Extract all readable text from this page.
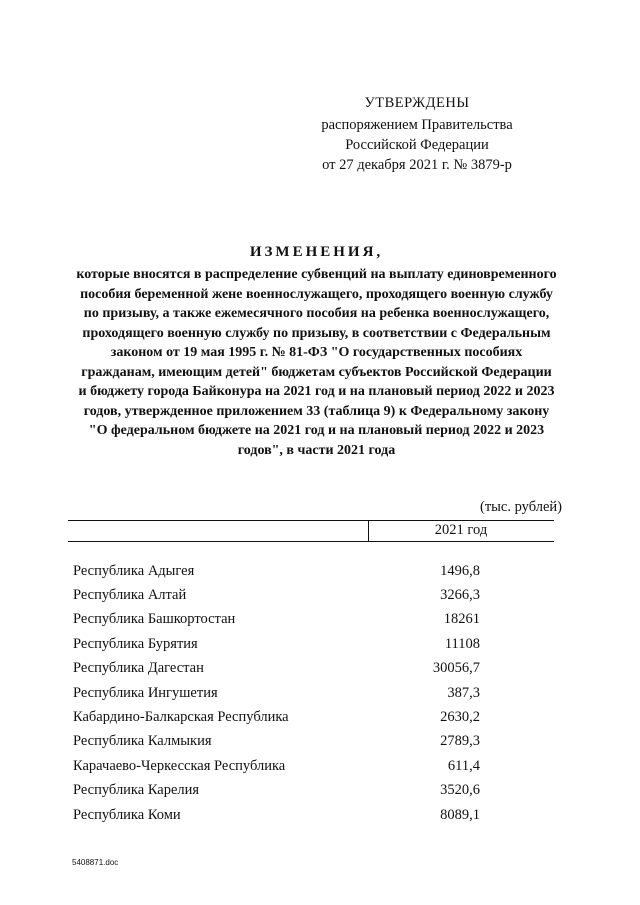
УТВЕРЖДЕНЫ
распоряжением Правительства
Российской Федерации
от 27 декабря 2021 г. № 3879-р
ИЗМЕНЕНИЯ,
которые вносятся в распределение субвенций на выплату единовременного пособия беременной жене военнослужащего, проходящего военную службу по призыву, а также ежемесячного пособия на ребенка военнослужащего, проходящего военную службу по призыву, в соответствии с Федеральным законом от 19 мая 1995 г. № 81-ФЗ "О государственных пособиях гражданам, имеющим детей" бюджетам субъектов Российской Федерации и бюджету города Байконура на 2021 год и на плановый период 2022 и 2023 годов, утвержденное приложением 33 (таблица 9) к Федеральному закону "О федеральном бюджете на 2021 год и на плановый период 2022 и 2023 годов", в части 2021 года
(тыс. рублей)
2021 год
Республика Адыгея	1496,8
Республика Алтай	3266,3
Республика Башкортостан	18261
Республика Бурятия	11108
Республика Дагестан	30056,7
Республика Ингушетия	387,3
Кабардино-Балкарская Республика	2630,2
Республика Калмыкия	2789,3
Карачаево-Черкесская Республика	611,4
Республика Карелия	3520,6
Республика Коми	8089,1
5408871.doc
